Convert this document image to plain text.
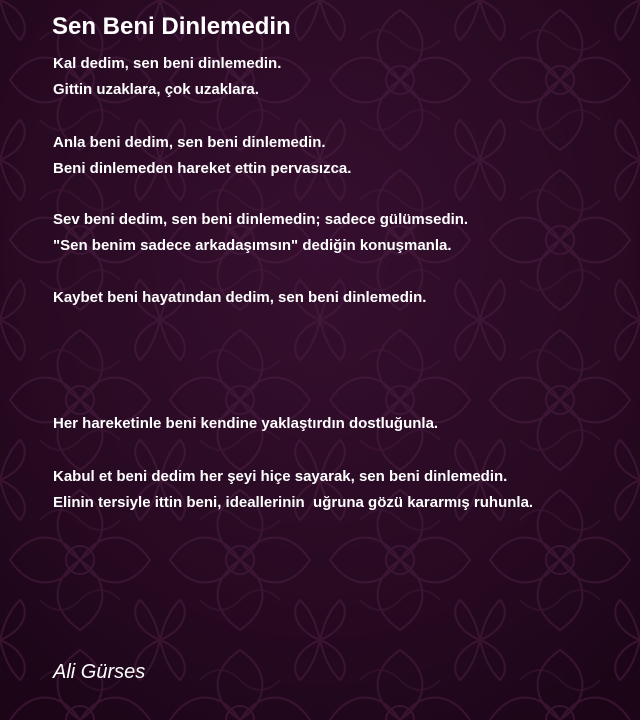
Sen Beni Dinlemedin

Kal dedim, sen beni dinlemedin.

Gittin uzaklara, çok uzaklara.

Anla beni dedim, sen beni dinlemedin.

Beni dinlemeden hareket ettin pervasızca.

Sev beni dedim, sen beni dinlemedin; sadece gülümsedin.

"Sen benim sadece arkadaşımsın" dediğin konuşmanla.

Kaybet beni hayatından dedim, sen beni dinlemedin.

Her hareketinle beni kendine yaklaştırdın dostluğunla.

Kabul et beni dedim her şeyi hiçe sayarak, sen beni dinlemedin.

Elinin tersiyle ittin beni, ideallerinin  uğruna gözü kararmış ruhunla.

Ali Gürses
